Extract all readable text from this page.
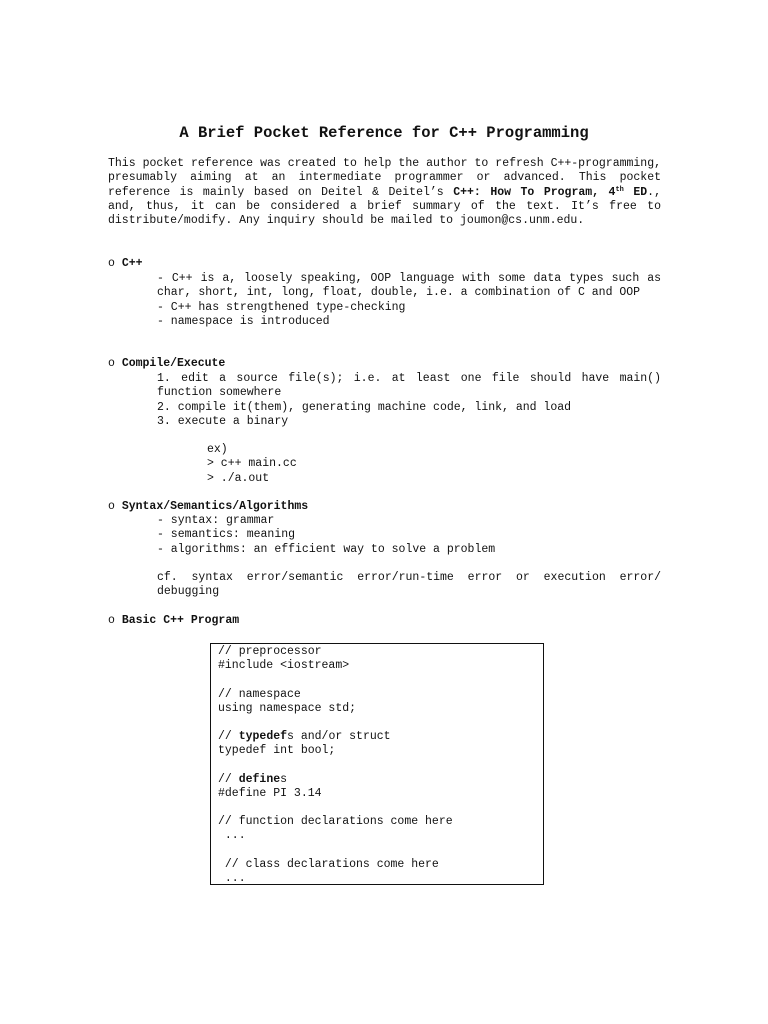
A Brief Pocket Reference for C++ Programming
This pocket reference was created to help the author to refresh C++-programming, presumably aiming at an intermediate programmer or advanced. This pocket reference is mainly based on Deitel & Deitel’s C++: How To Program, 4th ED., and, thus, it can be considered a brief summary of the text. It’s free to distribute/modify. Any inquiry should be mailed to joumon@cs.unm.edu.
o C++
- C++ is a, loosely speaking, OOP language with some data types such as char, short, int, long, float, double, i.e. a combination of C and OOP
- C++ has strengthened type-checking
- namespace is introduced
o Compile/Execute
1. edit a source file(s); i.e. at least one file should have main() function somewhere
2. compile it(them), generating machine code, link, and load
3. execute a binary
ex)
> c++ main.cc
> ./a.out
o Syntax/Semantics/Algorithms
- syntax: grammar
- semantics: meaning
- algorithms: an efficient way to solve a problem
cf. syntax error/semantic error/run-time error or execution error/ debugging
o Basic C++ Program
// preprocessor
#include <iostream>
// namespace
using namespace std;
// typedefs and/or struct
typedef int bool;
// defines
#define PI 3.14
// function declarations come here
...
// class declarations come here
...
